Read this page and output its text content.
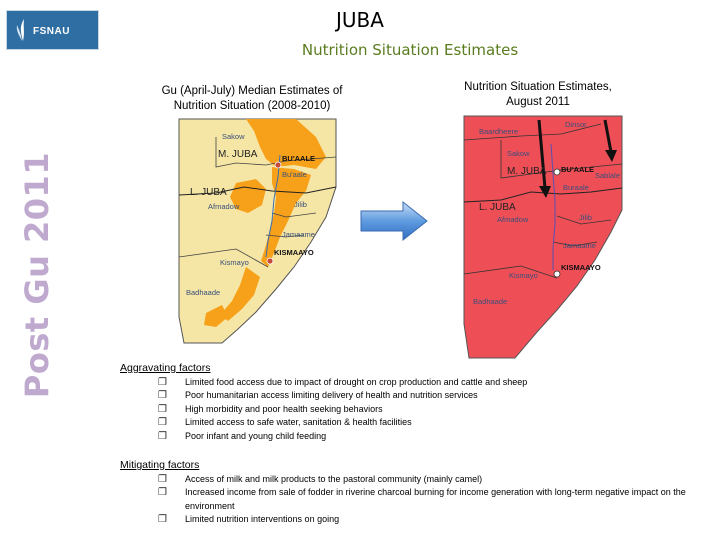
FSNAU	JUBA
Nutrition Situation Estimates
Post Gu 2011
Gu (April-July) Median Estimates of
Nutrition Situation (2008-2010)
Nutrition Situation Estimates,
August 2011
Sakow
M. JUBA	BU'AALE
Bu'aale
L. JUBA
Afmadow	Jilib
Jamaame
Kismayo
KISMAAYO
Badhaade
Dinsor
Baardheere
Sakow
M. JUBA BU'AALE
Sablale
Buraale
L. JUBA
Afmadow	Jilib
Jamaame
Kismayo
KISMAAYO
Badhaade
Aggravating factors
❐ Limited food access due to impact of drought on crop production and cattle and sheep
❐ Poor humanitarian access limiting delivery of health and nutrition services
❐ High morbidity and poor health seeking behaviors
❐ Limited access to safe water, sanitation & health facilities
❐ Poor infant and young child feeding
Mitigating factors
❐ Access of milk and milk products to the pastoral community (mainly camel)
❐ Increased income from sale of fodder in riverine charcoal burning for income generation with long-term negative impact on the environment
❐ Limited nutrition interventions on going
